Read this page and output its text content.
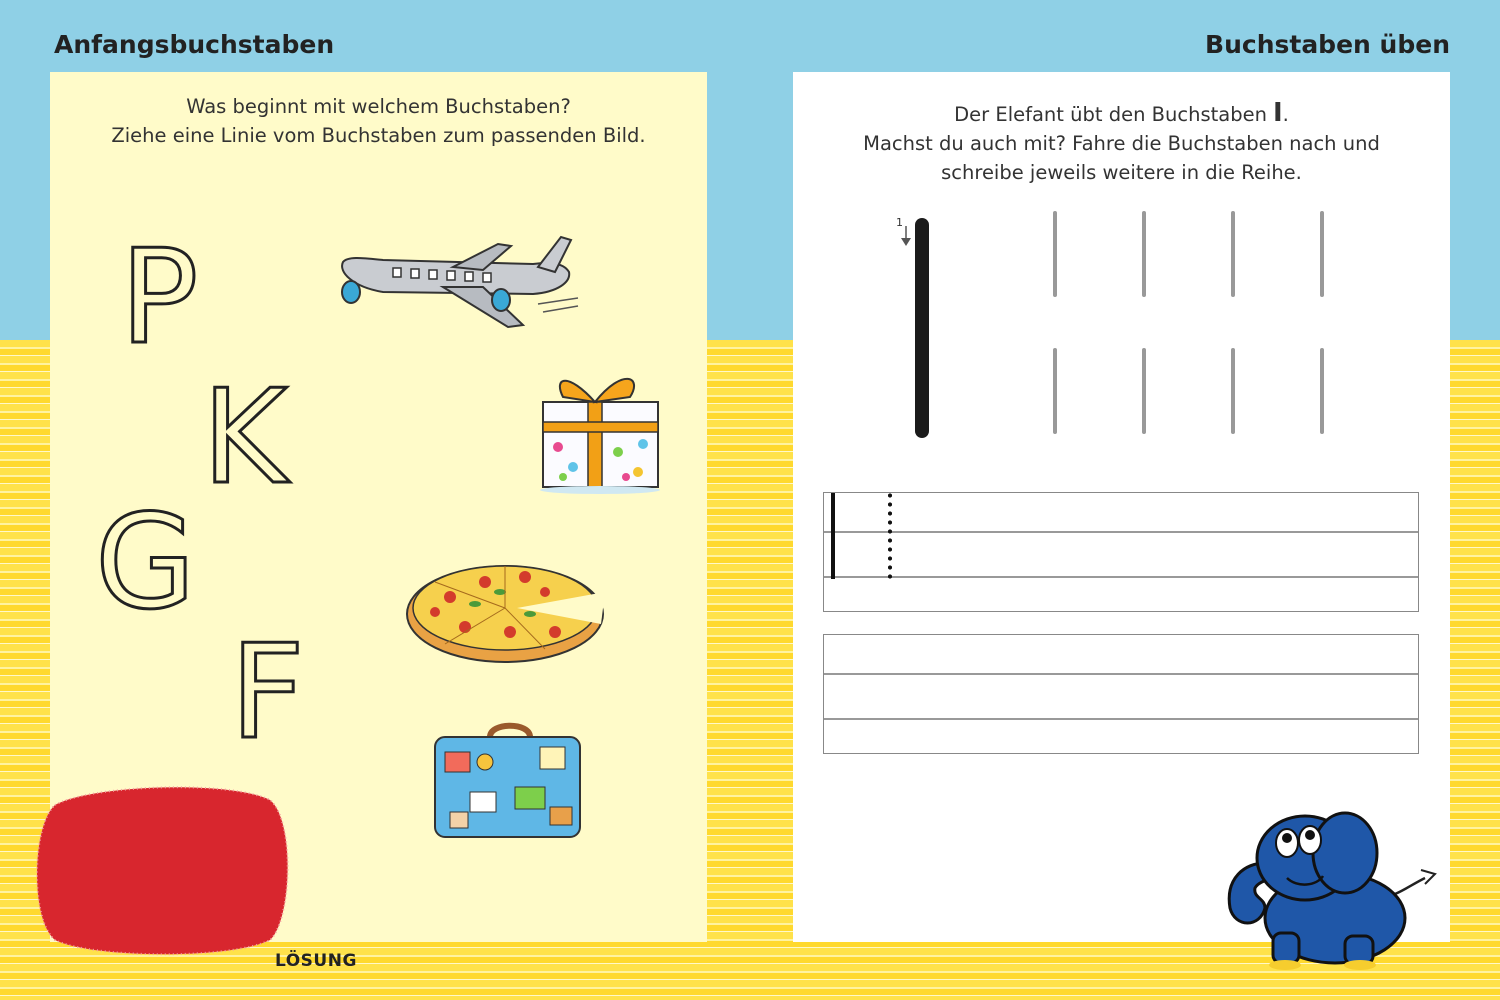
Anfangsbuchstaben	Buchstaben üben
Was beginnt mit welchem Buchstaben?
Ziehe eine Linie vom Buchstaben zum passenden Bild.
P
K
G
F
LÖSUNG
Der Elefant übt den Buchstaben I.
Machst du auch mit? Fahre die Buchstaben nach und
schreibe jeweils weitere in die Reihe.
1
